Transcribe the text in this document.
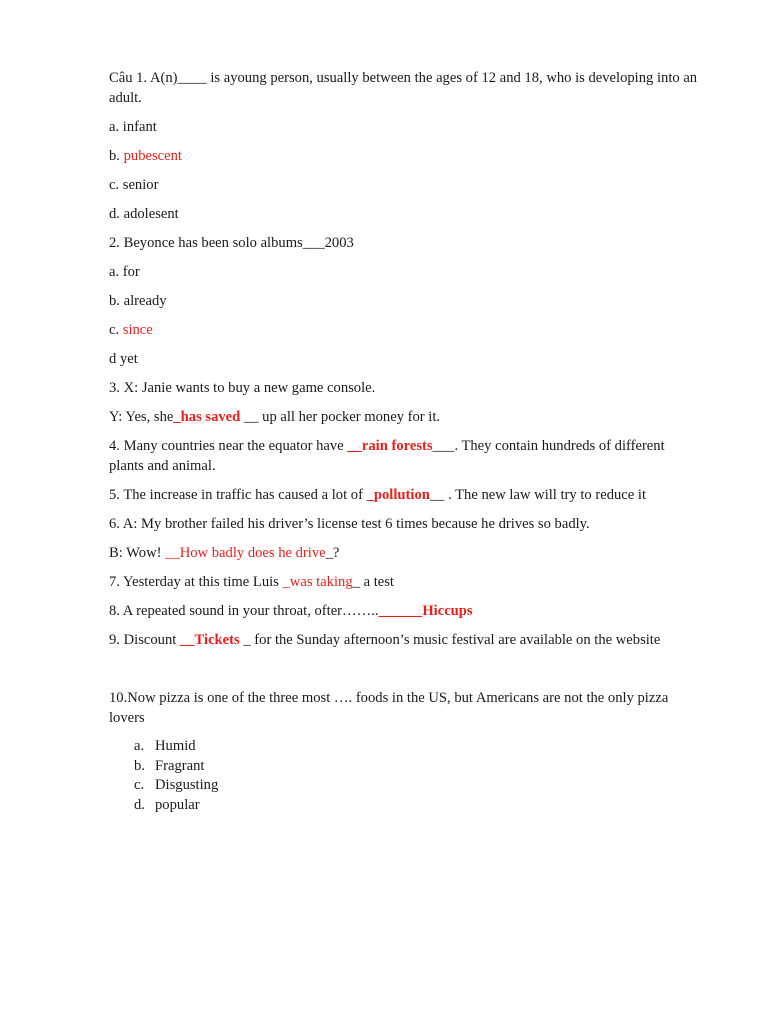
Câu 1. A(n)____ is ayoung person, usually between the ages of 12 and 18, who is developing into an adult.

a. infant

b. pubescent

c. senior

d. adolesent

2. Beyonce has been solo albums___2003

a. for

b. already

c. since

d yet

3. X: Janie wants to buy a new game console.

Y: Yes, she_has saved __ up all her pocker money for it.

4. Many countries near the equator have __rain forests___. They contain hundreds of different plants and animal.

5. The increase in traffic has caused a lot of _pollution__ . The new law will try to reduce it

6. A: My brother failed his driver’s license test 6 times because he drives so badly.

B: Wow! __How badly does he drive_?

7. Yesterday at this time Luis _was taking_ a test

8. A repeated sound in your throat, ofter……..______Hiccups

9. Discount __Tickets _ for the Sunday afternoon’s music festival are available on the website

10.Now pizza is one of the three most …. foods in the US, but Americans are not the only pizza lovers

a. Humid
b. Fragrant
c. Disgusting
d. popular
